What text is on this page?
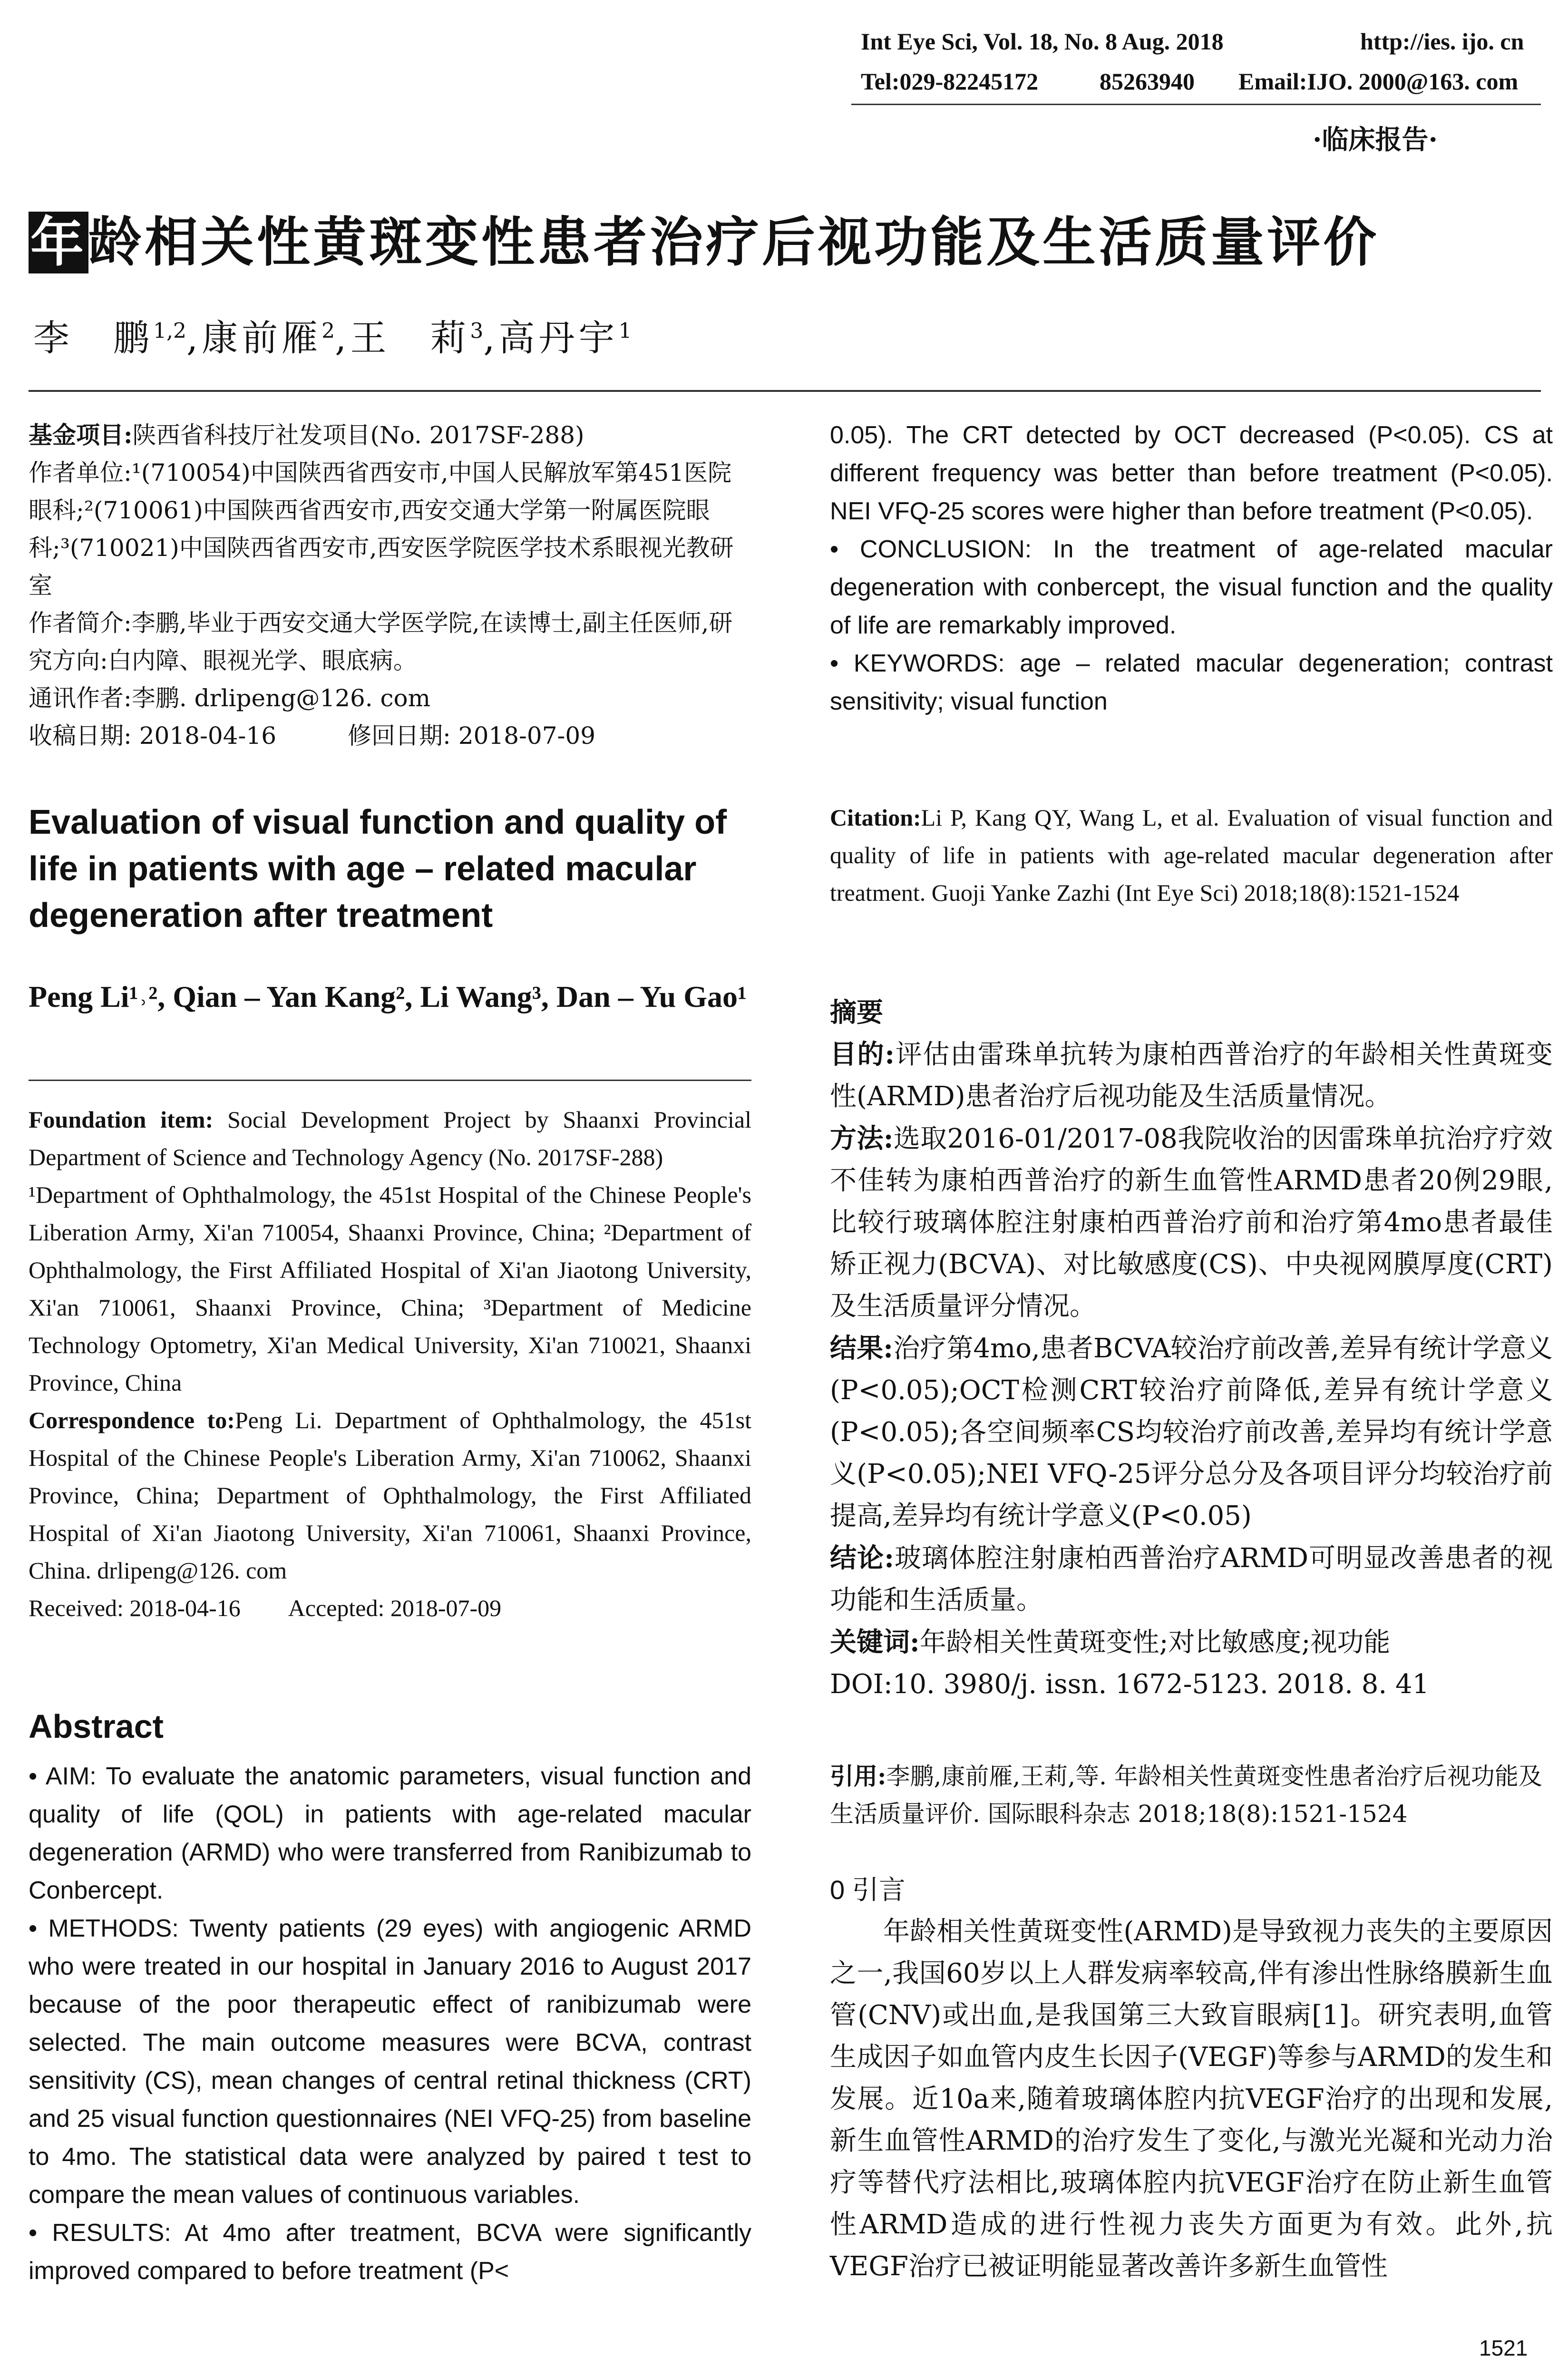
Int Eye Sci, Vol. 18, No. 8 Aug. 2018	http://ies. ijo. cn
Tel:029-82245172	85263940 Email:IJO. 2000@163. com
·临床报告·
年龄相关性黄斑变性患者治疗后视功能及生活质量评价
李　鹏$^{1,2}$,康前雁$^2$,王　莉$^3$,高丹宇$^1$

基金项目:陕西省科技厅社发项目(No. 2017SF-288)

作者单位:¹(710054)中国陕西省西安市,中国人民解放军第451医院眼科;²(710061)中国陕西省西安市,西安交通大学第一附属医院眼科;³(710021)中国陕西省西安市,西安医学院医学技术系眼视光教研室

作者简介:李鹏,毕业于西安交通大学医学院,在读博士,副主任医师,研究方向:白内障、眼视光学、眼底病。

通讯作者:李鹏. drlipeng@126. com

收稿日期: 2018-04-16　　　修回日期: 2018-07-09

Evaluation of visual function and quality of life in patients with age – related macular degeneration after treatment
Peng Li¹˒², Qian – Yan Kang², Li Wang³, Dan – Yu Gao¹

Foundation item: Social Development Project by Shaanxi Provincial Department of Science and Technology Agency (No. 2017SF-288)

¹Department of Ophthalmology, the 451st Hospital of the Chinese People's Liberation Army, Xi'an 710054, Shaanxi Province, China; ²Department of Ophthalmology, the First Affiliated Hospital of Xi'an Jiaotong University, Xi'an 710061, Shaanxi Province, China; ³Department of Medicine Technology Optometry, Xi'an Medical University, Xi'an 710021, Shaanxi Province, China

Correspondence to:Peng Li. Department of Ophthalmology, the 451st Hospital of the Chinese People's Liberation Army, Xi'an 710062, Shaanxi Province, China; Department of Ophthalmology, the First Affiliated Hospital of Xi'an Jiaotong University, Xi'an 710061, Shaanxi Province, China. drlipeng@126. com

Received: 2018-04-16　　Accepted: 2018-07-09

Abstract

• AIM: To evaluate the anatomic parameters, visual function and quality of life (QOL) in patients with age-related macular degeneration (ARMD) who were transferred from Ranibizumab to Conbercept.

• METHODS: Twenty patients (29 eyes) with angiogenic ARMD who were treated in our hospital in January 2016 to August 2017 because of the poor therapeutic effect of ranibizumab were selected. The main outcome measures were BCVA, contrast sensitivity (CS), mean changes of central retinal thickness (CRT) and 25 visual function questionnaires (NEI VFQ-25) from baseline to 4mo. The statistical data were analyzed by paired t test to compare the mean values of continuous variables.

• RESULTS: At 4mo after treatment, BCVA were significantly improved compared to before treatment (P<

0.05). The CRT detected by OCT decreased (P<0.05). CS at different frequency was better than before treatment (P<0.05). NEI VFQ-25 scores were higher than before treatment (P<0.05).

• CONCLUSION: In the treatment of age-related macular degeneration with conbercept, the visual function and the quality of life are remarkably improved.

• KEYWORDS: age – related macular degeneration; contrast sensitivity; visual function

Citation:Li P, Kang QY, Wang L, et al. Evaluation of visual function and quality of life in patients with age-related macular degeneration after treatment. Guoji Yanke Zazhi (Int Eye Sci) 2018;18(8):1521-1524

摘要

目的:评估由雷珠单抗转为康柏西普治疗的年龄相关性黄斑变性(ARMD)患者治疗后视功能及生活质量情况。

方法:选取2016-01/2017-08我院收治的因雷珠单抗治疗疗效不佳转为康柏西普治疗的新生血管性ARMD患者20例29眼,比较行玻璃体腔注射康柏西普治疗前和治疗第4mo患者最佳矫正视力(BCVA)、对比敏感度(CS)、中央视网膜厚度(CRT)及生活质量评分情况。

结果:治疗第4mo,患者BCVA较治疗前改善,差异有统计学意义(P<0.05);OCT检测CRT较治疗前降低,差异有统计学意义(P<0.05);各空间频率CS均较治疗前改善,差异均有统计学意义(P<0.05);NEI VFQ-25评分总分及各项目评分均较治疗前提高,差异均有统计学意义(P<0.05)

结论:玻璃体腔注射康柏西普治疗ARMD可明显改善患者的视功能和生活质量。

关键词:年龄相关性黄斑变性;对比敏感度;视功能

DOI:10. 3980/j. issn. 1672-5123. 2018. 8. 41

引用:李鹏,康前雁,王莉,等. 年龄相关性黄斑变性患者治疗后视功能及生活质量评价. 国际眼科杂志 2018;18(8):1521-1524
0 引言

年龄相关性黄斑变性(ARMD)是导致视力丧失的主要原因之一,我国60岁以上人群发病率较高,伴有渗出性脉络膜新生血管(CNV)或出血,是我国第三大致盲眼病[1]。研究表明,血管生成因子如血管内皮生长因子(VEGF)等参与ARMD的发生和发展。近10a来,随着玻璃体腔内抗VEGF治疗的出现和发展,新生血管性ARMD的治疗发生了变化,与激光光凝和光动力治疗等替代疗法相比,玻璃体腔内抗VEGF治疗在防止新生血管性ARMD造成的进行性视力丧失方面更为有效。此外,抗VEGF治疗已被证明能显著改善许多新生血管性

1521
